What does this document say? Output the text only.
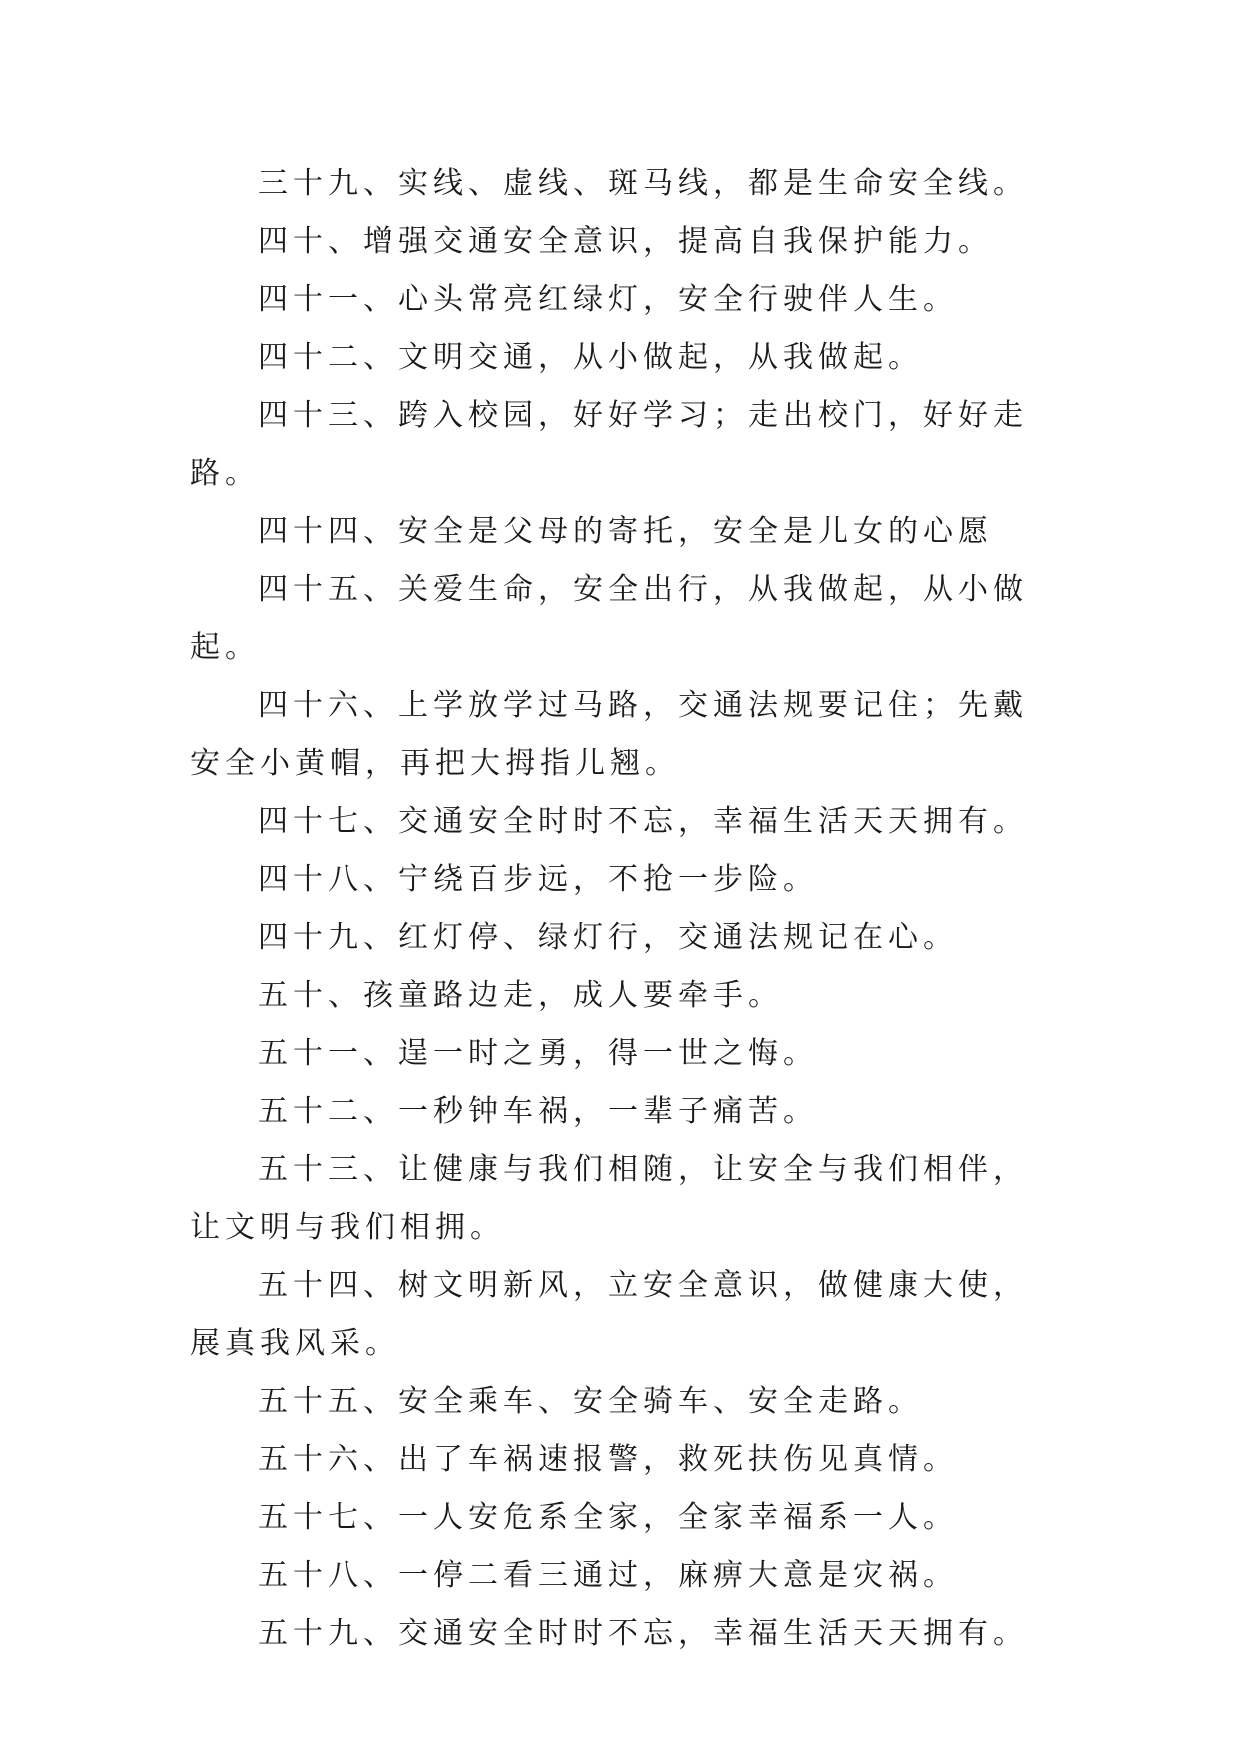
三十九、实线、虚线、斑马线，都是生命安全线。

四十、增强交通安全意识，提高自我保护能力。

四十一、心头常亮红绿灯，安全行驶伴人生。

四十二、文明交通，从小做起，从我做起。

四十三、跨入校园，好好学习；走出校门，好好走路。

四十四、安全是父母的寄托，安全是儿女的心愿

四十五、关爱生命，安全出行，从我做起，从小做起。

四十六、上学放学过马路，交通法规要记住；先戴安全小黄帽，再把大拇指儿翘。

四十七、交通安全时时不忘，幸福生活天天拥有。

四十八、宁绕百步远，不抢一步险。

四十九、红灯停、绿灯行，交通法规记在心。

五十、孩童路边走，成人要牵手。

五十一、逞一时之勇，得一世之悔。

五十二、一秒钟车祸，一辈子痛苦。

五十三、让健康与我们相随，让安全与我们相伴，让文明与我们相拥。

五十四、树文明新风，立安全意识，做健康大使，展真我风采。

五十五、安全乘车、安全骑车、安全走路。

五十六、出了车祸速报警，救死扶伤见真情。

五十七、一人安危系全家，全家幸福系一人。

五十八、一停二看三通过，麻痹大意是灾祸。

五十九、交通安全时时不忘，幸福生活天天拥有。
